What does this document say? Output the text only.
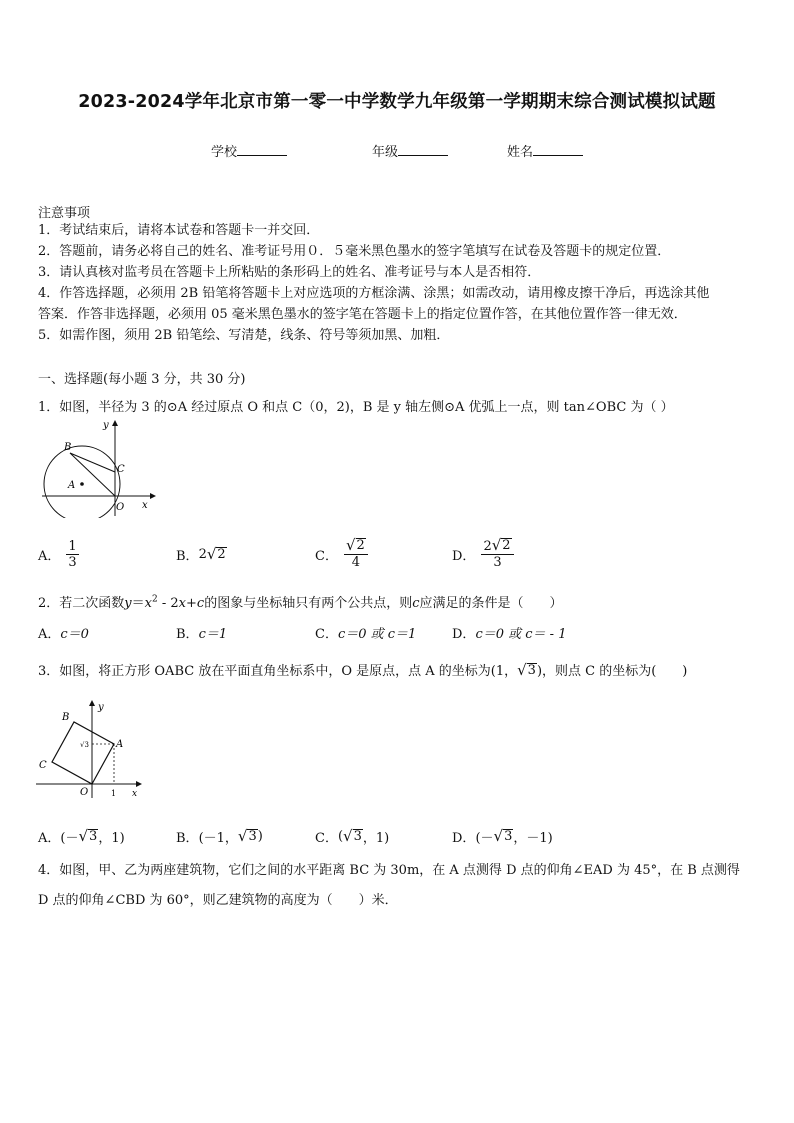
2023-2024学年北京市第一零一中学数学九年级第一学期期末综合测试模拟试题
学校	年级	姓名
注意事项
1．考试结束后，请将本试卷和答题卡一并交回．
2．答题前，请务必将自己的姓名、准考证号用０．５毫米黑色墨水的签字笔填写在试卷及答题卡的规定位置．
3．请认真核对监考员在答题卡上所粘贴的条形码上的姓名、准考证号与本人是否相符．
4．作答选择题，必须用 2B 铅笔将答题卡上对应选项的方框涂满、涂黑；如需改动，请用橡皮擦干净后，再选涂其他
答案．作答非选择题，必须用 05 毫米黑色墨水的签字笔在答题卡上的指定位置作答，在其他位置作答一律无效．
5．如需作图，须用 2B 铅笔绘、写清楚，线条、符号等须加黑、加粗．
一、选择题(每小题 3 分，共 30 分)
1．如图，半径为 3 的⊙A 经过原点 O 和点 C（0，2)，B 是 y 轴左侧⊙A 优弧上一点，则 tan∠OBC 为（ ）
y
x
B
C
A
O
A． $\frac{1}{3}$	B． 2 √ 2	C． $\frac{√ 2}{4}$	D． $\frac{2 √ 2}{3}$
2．若二次函数$y=x^2 - 2x+c$的图象与坐标轴只有两个公共点，则c应满足的条件是（　　）
A． c＝0	B． c＝1	C． c＝0 或 c＝1	D． c＝0 或 c＝ - 1
3．如图，将正方形 OABC 放在平面直角坐标系中，O 是原点，点 A 的坐标为(1， √ 3 )，则点 C 的坐标为(　　)
y
x
B
A
C
O	1
√3
A． (－ √ 3 ，1)	B． (－1， √ 3 )	C． ( √ 3 ，1)	D． (－ √ 3 ，－1)
4．如图，甲、乙为两座建筑物，它们之间的水平距离 BC 为 30m，在 A 点测得 D 点的仰角∠EAD 为 45°，在 B 点测得
D 点的仰角∠CBD 为 60°，则乙建筑物的高度为（　　）米．
